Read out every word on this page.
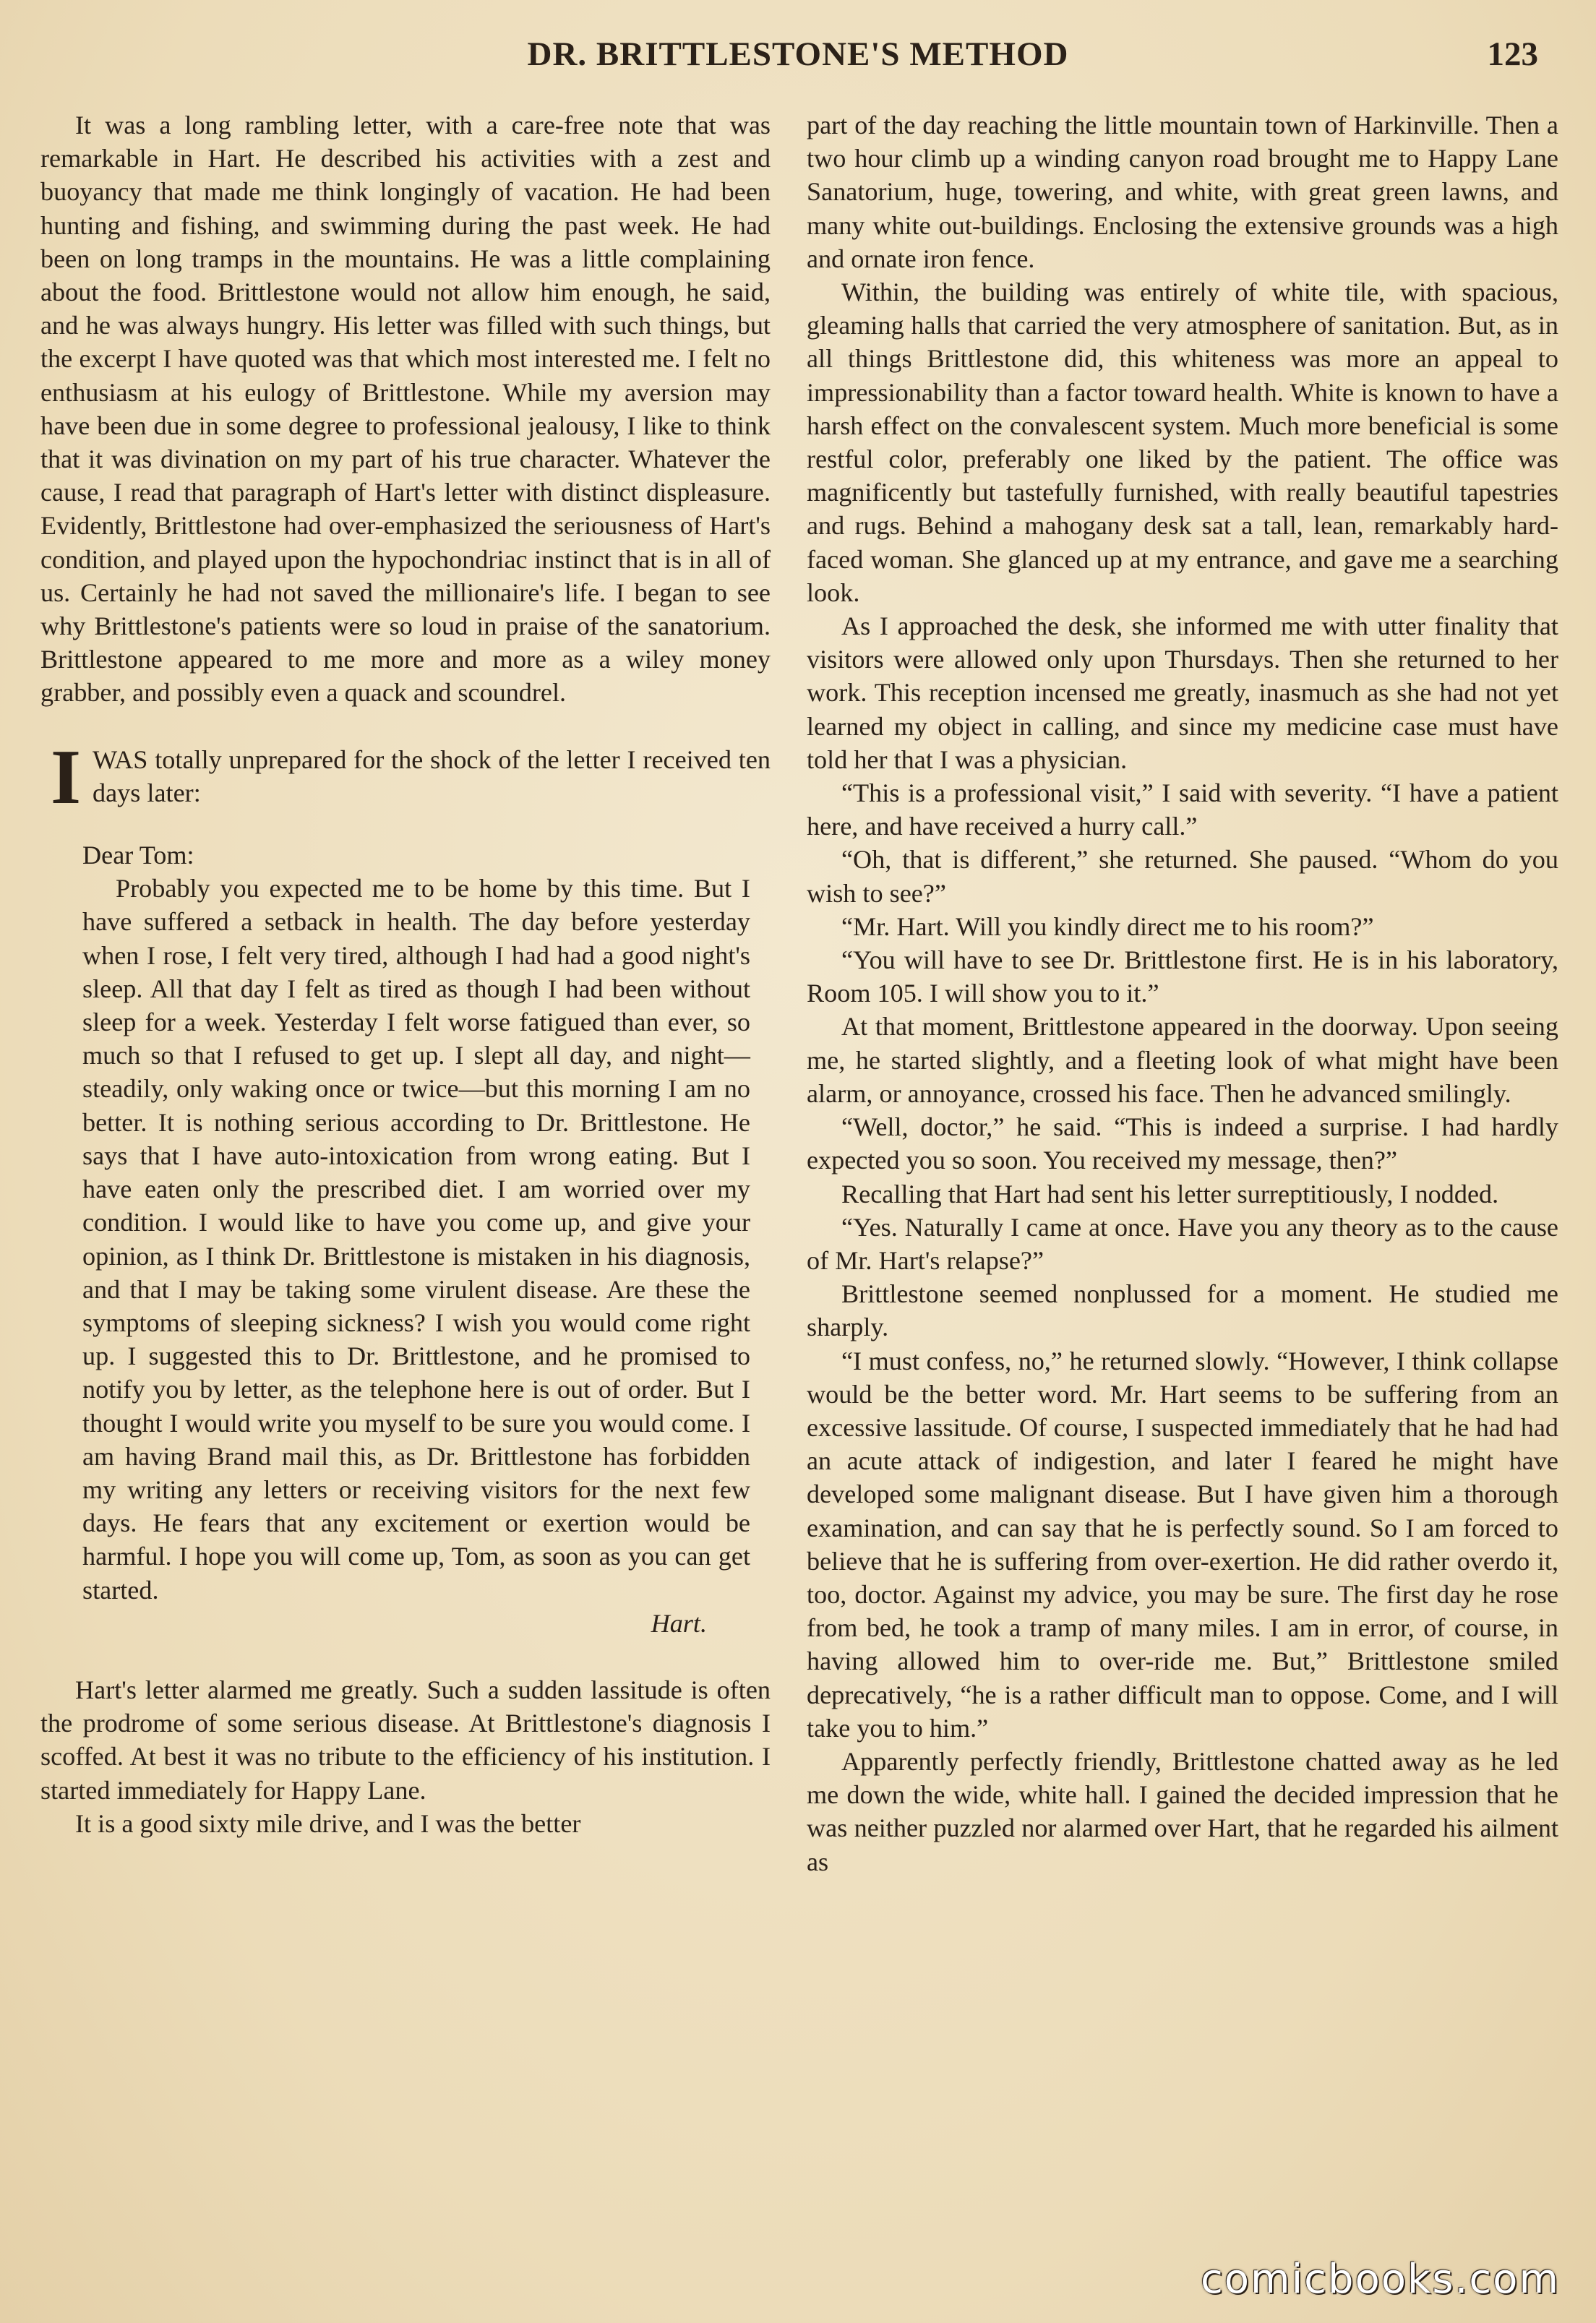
DR. BRITTLESTONE'S METHOD	123

It was a long rambling letter, with a care-free note that was remarkable in Hart. He described his activities with a zest and buoyancy that made me think longingly of vacation. He had been hunting and fishing, and swimming during the past week. He had been on long tramps in the mountains. He was a little complaining about the food. Brittlestone would not allow him enough, he said, and he was always hungry. His letter was filled with such things, but the excerpt I have quoted was that which most interested me. I felt no enthusiasm at his eulogy of Brittlestone. While my aversion may have been due in some degree to professional jealousy, I like to think that it was divination on my part of his true character. Whatever the cause, I read that paragraph of Hart's letter with distinct displeasure. Evidently, Brittlestone had over-emphasized the seriousness of Hart's condition, and played upon the hypochondriac instinct that is in all of us. Certainly he had not saved the millionaire's life. I began to see why Brittlestone's patients were so loud in praise of the sanatorium. Brittlestone appeared to me more and more as a wiley money grabber, and possibly even a quack and scoundrel.

I WAS totally unprepared for the shock of the letter I received ten days later:

Dear Tom:

Probably you expected me to be home by this time. But I have suffered a setback in health. The day before yesterday when I rose, I felt very tired, although I had had a good night's sleep. All that day I felt as tired as though I had been without sleep for a week. Yesterday I felt worse fatigued than ever, so much so that I refused to get up. I slept all day, and night—steadily, only waking once or twice—but this morning I am no better. It is nothing serious according to Dr. Brittlestone. He says that I have auto-intoxication from wrong eating. But I have eaten only the prescribed diet. I am worried over my condition. I would like to have you come up, and give your opinion, as I think Dr. Brittlestone is mistaken in his diagnosis, and that I may be taking some virulent disease. Are these the symptoms of sleeping sickness? I wish you would come right up. I suggested this to Dr. Brittlestone, and he promised to notify you by letter, as the telephone here is out of order. But I thought I would write you myself to be sure you would come. I am having Brand mail this, as Dr. Brittlestone has forbidden my writing any letters or receiving visitors for the next few days. He fears that any excitement or exertion would be harmful. I hope you will come up, Tom, as soon as you can get started.

Hart.

Hart's letter alarmed me greatly. Such a sudden lassitude is often the prodrome of some serious disease. At Brittlestone's diagnosis I scoffed. At best it was no tribute to the efficiency of his institution. I started immediately for Happy Lane.

It is a good sixty mile drive, and I was the better

part of the day reaching the little mountain town of Harkinville. Then a two hour climb up a winding canyon road brought me to Happy Lane Sanatorium, huge, towering, and white, with great green lawns, and many white out-buildings. Enclosing the extensive grounds was a high and ornate iron fence.

Within, the building was entirely of white tile, with spacious, gleaming halls that carried the very atmosphere of sanitation. But, as in all things Brittlestone did, this whiteness was more an appeal to impressionability than a factor toward health. White is known to have a harsh effect on the convalescent system. Much more beneficial is some restful color, preferably one liked by the patient. The office was magnificently but tastefully furnished, with really beautiful tapestries and rugs. Behind a mahogany desk sat a tall, lean, remarkably hard-faced woman. She glanced up at my entrance, and gave me a searching look.

As I approached the desk, she informed me with utter finality that visitors were allowed only upon Thursdays. Then she returned to her work. This reception incensed me greatly, inasmuch as she had not yet learned my object in calling, and since my medicine case must have told her that I was a physician.

“This is a professional visit,” I said with severity. “I have a patient here, and have received a hurry call.”

“Oh, that is different,” she returned. She paused. “Whom do you wish to see?”

“Mr. Hart. Will you kindly direct me to his room?”

“You will have to see Dr. Brittlestone first. He is in his laboratory, Room 105. I will show you to it.”

At that moment, Brittlestone appeared in the doorway. Upon seeing me, he started slightly, and a fleeting look of what might have been alarm, or annoyance, crossed his face. Then he advanced smilingly.

“Well, doctor,” he said. “This is indeed a surprise. I had hardly expected you so soon. You received my message, then?”

Recalling that Hart had sent his letter surreptitiously, I nodded.

“Yes. Naturally I came at once. Have you any theory as to the cause of Mr. Hart's relapse?”

Brittlestone seemed nonplussed for a moment. He studied me sharply.

“I must confess, no,” he returned slowly. “However, I think collapse would be the better word. Mr. Hart seems to be suffering from an excessive lassitude. Of course, I suspected immediately that he had had an acute attack of indigestion, and later I feared he might have developed some malignant disease. But I have given him a thorough examination, and can say that he is perfectly sound. So I am forced to believe that he is suffering from over-exertion. He did rather overdo it, too, doctor. Against my advice, you may be sure. The first day he rose from bed, he took a tramp of many miles. I am in error, of course, in having allowed him to over-ride me. But,” Brittlestone smiled deprecatively, “he is a rather difficult man to oppose. Come, and I will take you to him.”

Apparently perfectly friendly, Brittlestone chatted away as he led me down the wide, white hall. I gained the decided impression that he was neither puzzled nor alarmed over Hart, that he regarded his ailment as

comicbooks.com
